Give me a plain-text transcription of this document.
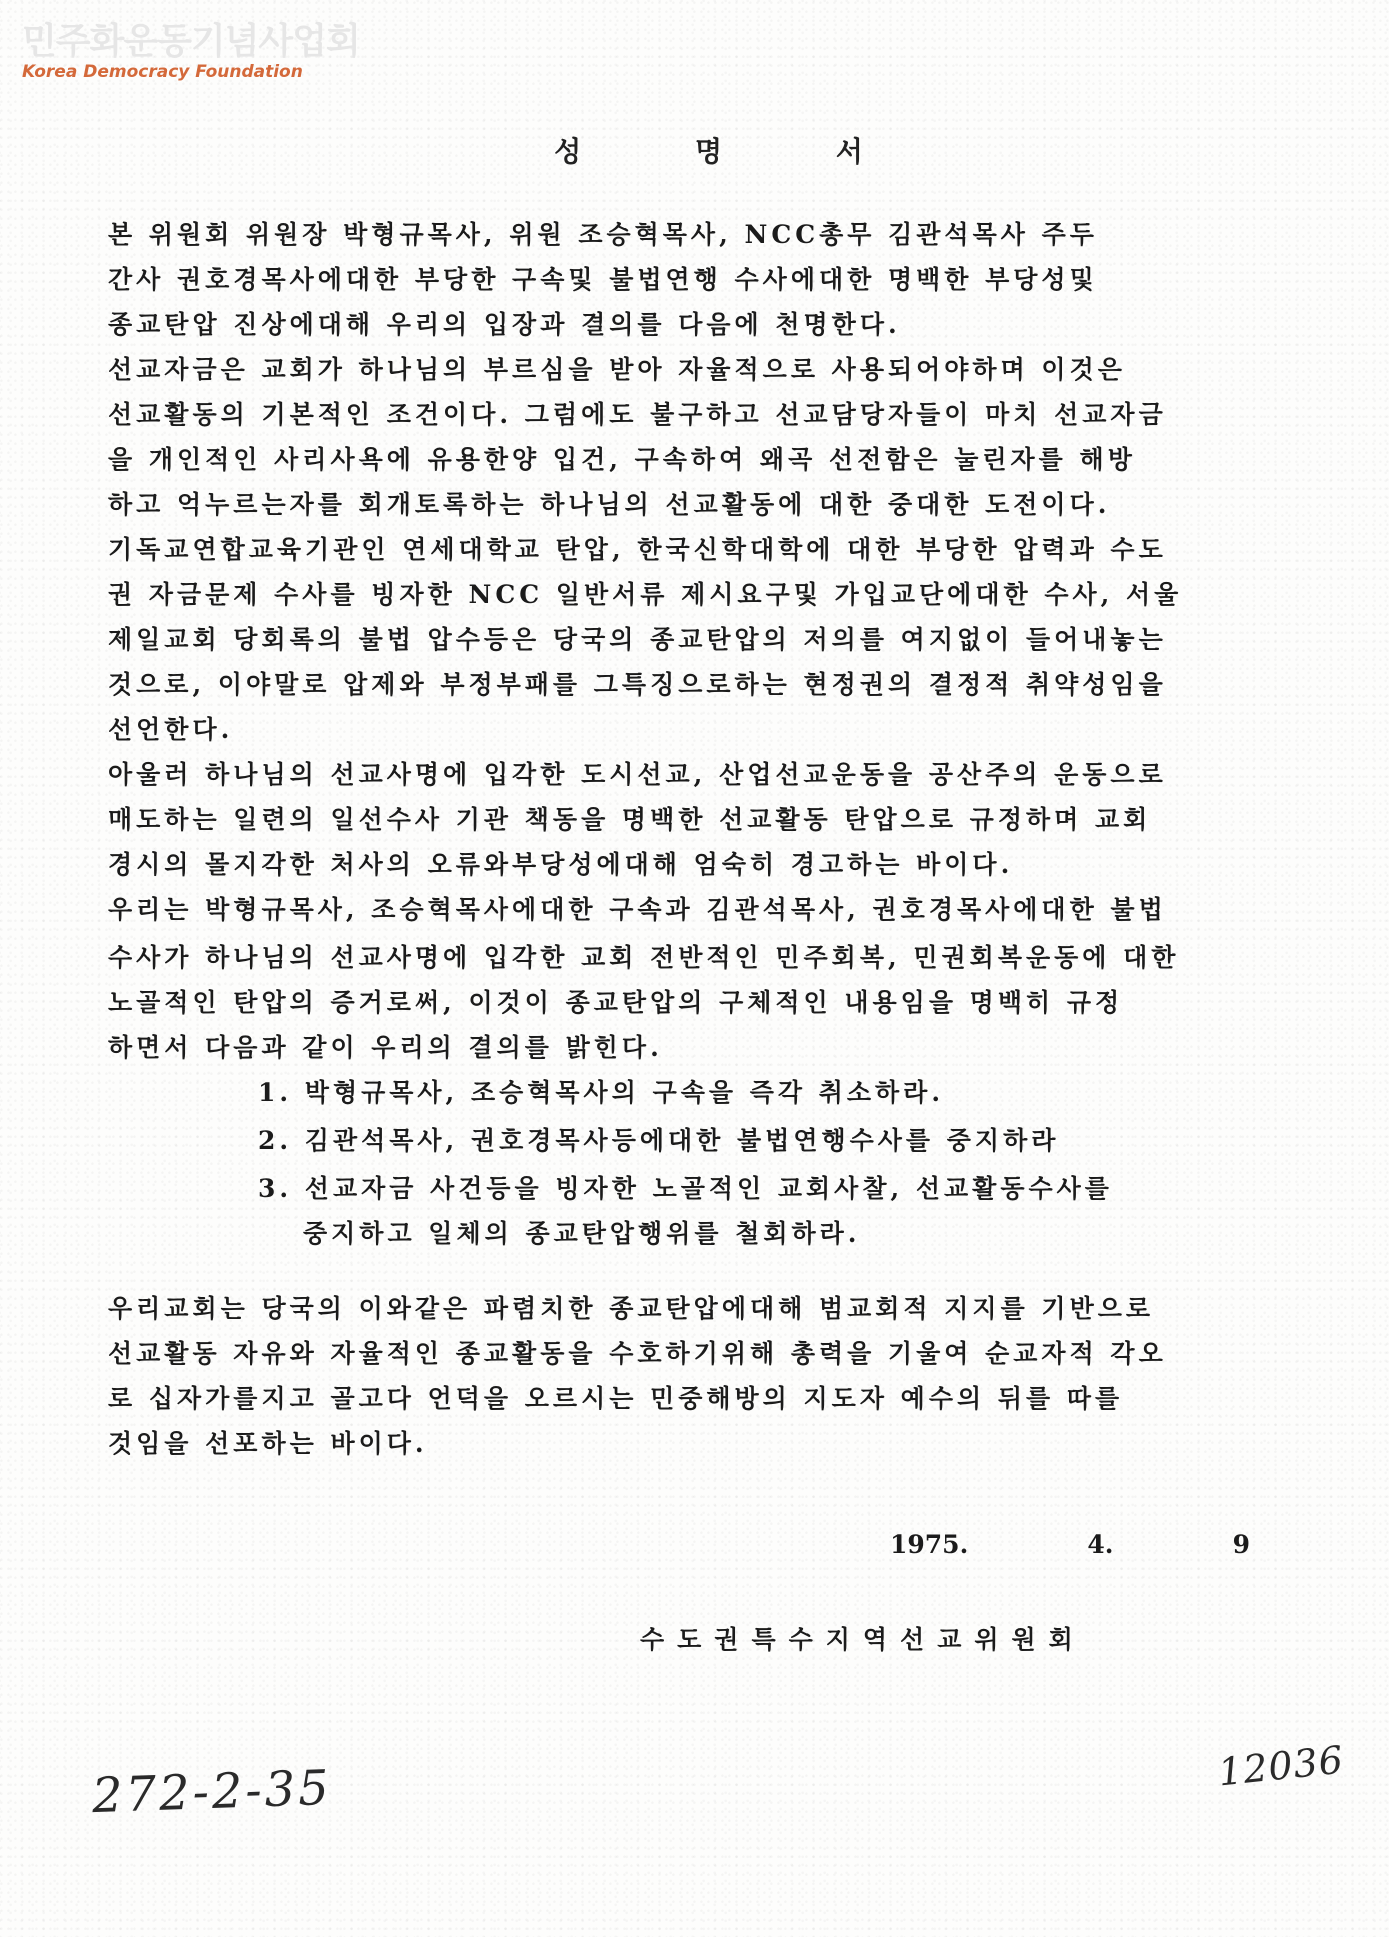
민주화운동기념사업회
Korea Democracy Foundation
성 명 서
본 위원회 위원장 박형규목사, 위원 조승혁목사, NCC총무 김관석목사 주두
간사 권호경목사에대한 부당한 구속및 불법연행 수사에대한 명백한 부당성및
종교탄압 진상에대해 우리의 입장과 결의를 다음에 천명한다.
선교자금은 교회가 하나님의 부르심을 받아 자율적으로 사용되어야하며 이것은
선교활동의 기본적인 조건이다. 그럼에도 불구하고 선교담당자들이 마치 선교자금
을 개인적인 사리사욕에 유용한양 입건, 구속하여 왜곡 선전함은 눌린자를 해방
하고 억누르는자를 회개토록하는 하나님의 선교활동에 대한 중대한 도전이다.
기독교연합교육기관인 연세대학교 탄압, 한국신학대학에 대한 부당한 압력과 수도
권 자금문제 수사를 빙자한 NCC 일반서류 제시요구및 가입교단에대한 수사, 서울
제일교회 당회록의 불법 압수등은 당국의 종교탄압의 저의를 여지없이 들어내놓는
것으로, 이야말로 압제와 부정부패를 그특징으로하는 현정권의 결정적 취약성임을
선언한다.
아울러 하나님의 선교사명에 입각한 도시선교, 산업선교운동을 공산주의 운동으로
매도하는 일련의 일선수사 기관 책동을 명백한 선교활동 탄압으로 규정하며 교회
경시의 몰지각한 처사의 오류와부당성에대해 엄숙히 경고하는 바이다.
우리는 박형규목사, 조승혁목사에대한 구속과 김관석목사, 권호경목사에대한 불법
수사가 하나님의 선교사명에 입각한 교회 전반적인 민주회복, 민권회복운동에 대한
노골적인 탄압의 증거로써, 이것이 종교탄압의 구체적인 내용임을 명백히 규정
하면서 다음과 같이 우리의 결의를 밝힌다.
1. 박형규목사, 조승혁목사의 구속을 즉각 취소하라.
2. 김관석목사, 권호경목사등에대한 불법연행수사를 중지하라
3. 선교자금 사건등을 빙자한 노골적인 교회사찰, 선교활동수사를
중지하고 일체의 종교탄압행위를 철회하라.
우리교회는 당국의 이와같은 파렴치한 종교탄압에대해 범교회적 지지를 기반으로
선교활동 자유와 자율적인 종교활동을 수호하기위해 총력을 기울여 순교자적 각오
로 십자가를지고 골고다 언덕을 오르시는 민중해방의 지도자 예수의 뒤를 따를
것임을 선포하는 바이다.
1975.	4.	9
수도권특수지역선교위원회
272-2-35	12036
